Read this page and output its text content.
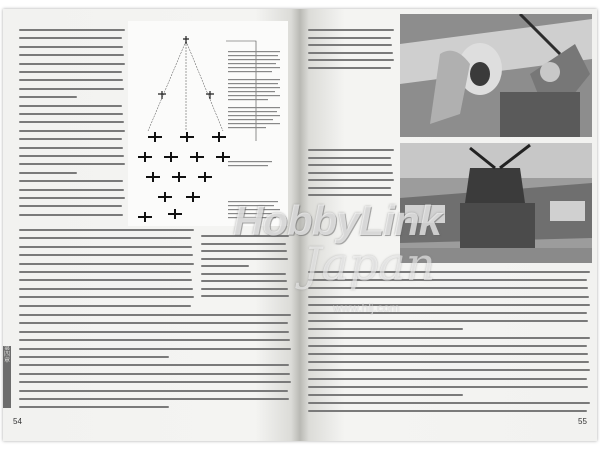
第四章
54	55
HobbyLink
Japan
www.hlj.com
